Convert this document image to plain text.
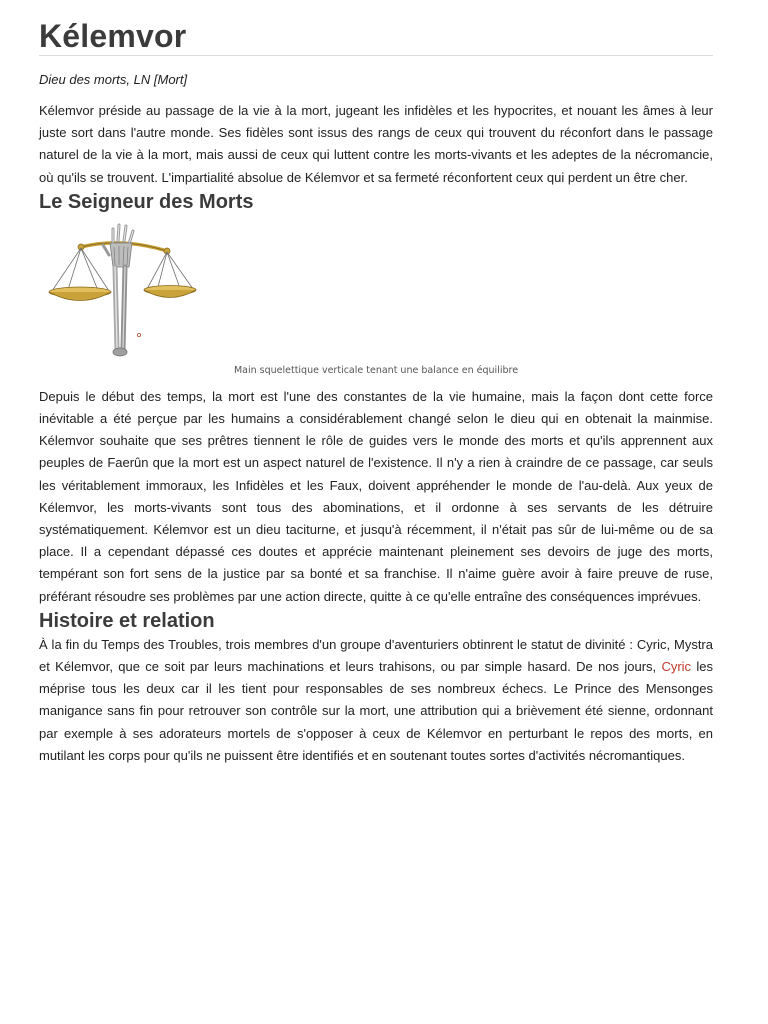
Kélemvor

Dieu des morts, LN [Mort]

Kélemvor préside au passage de la vie à la mort, jugeant les infidèles et les hypocrites, et nouant les âmes à leur juste sort dans l'autre monde. Ses fidèles sont issus des rangs de ceux qui trouvent du réconfort dans le passage naturel de la vie à la mort, mais aussi de ceux qui luttent contre les morts-vivants et les adeptes de la nécromancie, où qu'ils se trouvent. L'impartialité absolue de Kélemvor et sa fermeté réconfortent ceux qui perdent un être cher.

Le Seigneur des Morts
Main squelettique verticale tenant une balance en équilibre

Depuis le début des temps, la mort est l'une des constantes de la vie humaine, mais la façon dont cette force inévitable a été perçue par les humains a considérablement changé selon le dieu qui en obtenait la mainmise. Kélemvor souhaite que ses prêtres tiennent le rôle de guides vers le monde des morts et qu'ils apprennent aux peuples de Faerûn que la mort est un aspect naturel de l'existence. Il n'y a rien à craindre de ce passage, car seuls les véritablement immoraux, les Infidèles et les Faux, doivent appréhender le monde de l'au-delà. Aux yeux de Kélemvor, les morts-vivants sont tous des abominations, et il ordonne à ses servants de les détruire systématiquement. Kélemvor est un dieu taciturne, et jusqu'à récemment, il n'était pas sûr de lui-même ou de sa place. Il a cependant dépassé ces doutes et apprécie maintenant pleinement ses devoirs de juge des morts, tempérant son fort sens de la justice par sa bonté et sa franchise. Il n'aime guère avoir à faire preuve de ruse, préférant résoudre ses problèmes par une action directe, quitte à ce qu'elle entraîne des conséquences imprévues.

Histoire et relation

À la fin du Temps des Troubles, trois membres d'un groupe d'aventuriers obtinrent le statut de divinité : Cyric, Mystra et Kélemvor, que ce soit par leurs machinations et leurs trahisons, ou par simple hasard. De nos jours, Cyric les méprise tous les deux car il les tient pour responsables de ses nombreux échecs. Le Prince des Mensonges manigance sans fin pour retrouver son contrôle sur la mort, une attribution qui a brièvement été sienne, ordonnant par exemple à ses adorateurs mortels de s'opposer à ceux de Kélemvor en perturbant le repos des morts, en mutilant les corps pour qu'ils ne puissent être identifiés et en soutenant toutes sortes d'activités nécromantiques.
